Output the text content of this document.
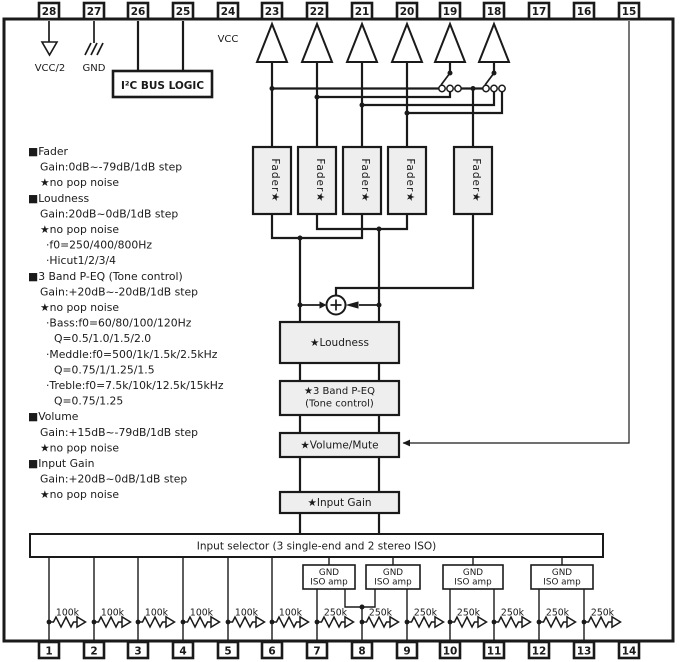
28	27	26	25	24	23	22	21	20	19	18	17	16	15
1	2	3	4	5	6	7	8	9	10	11	12	13	14
VCC/2 GND
VCC
I²C BUS LOGIC
Fader★	Fader★	Fader★	Fader★	Fader★
★Loudness
★3 Band P-EQ
(Tone control)
★Volume/Mute
★Input Gain
Input selector (3 single-end and 2 stereo ISO)
GND
ISO amp
GND
ISO amp
GND
ISO amp
GND
ISO amp
100k 100k 100k 100k 100k 100k 250k 250k 250k 250k 250k 250k 250k
■Fader
Gain:0dB~-79dB/1dB step
★no pop noise
■Loudness
Gain:20dB~0dB/1dB step
★no pop noise
·f0=250/400/800Hz
·Hicut1/2/3/4
■3 Band P-EQ (Tone control)
Gain:+20dB~-20dB/1dB step
★no pop noise
·Bass:f0=60/80/100/120Hz
Q=0.5/1.0/1.5/2.0
·Meddle:f0=500/1k/1.5k/2.5kHz
Q=0.75/1/1.25/1.5
·Treble:f0=7.5k/10k/12.5k/15kHz
Q=0.75/1.25
■Volume
Gain:+15dB~-79dB/1dB step
★no pop noise
■Input Gain
Gain:+20dB~0dB/1dB step
★no pop noise
